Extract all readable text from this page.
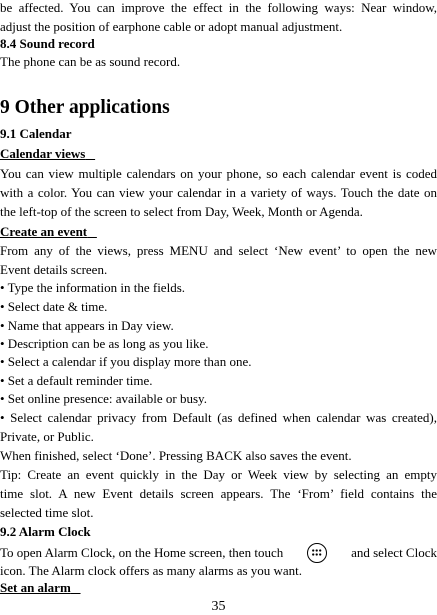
be affected. You can improve the effect in the following ways: Near window,
adjust the position of earphone cable or adopt manual adjustment.
8.4 Sound record
The phone can be as sound record.
9 Other applications
9.1 Calendar
Calendar views
You can view multiple calendars on your phone, so each calendar event is coded
with a color. You can view your calendar in a variety of ways. Touch the date on
the left-top of the screen to select from Day, Week, Month or Agenda.
Create an event
From any of the views, press MENU and select ‘New event’ to open the new
Event details screen.
• Type the information in the fields.
• Select date & time.
• Name that appears in Day view.
• Description can be as long as you like.
• Select a calendar if you display more than one.
• Set a default reminder time.
• Set online presence: available or busy.
• Select calendar privacy from Default (as defined when calendar was created),
Private, or Public.
When finished, select ‘Done’. Pressing BACK also saves the event.
Tip: Create an event quickly in the Day or Week view by selecting an empty
time slot. A new Event details screen appears. The ‘From’ field contains the
selected time slot.
9.2 Alarm Clock
To open Alarm Clock, on the Home screen, then touch	and select Clock
icon. The Alarm clock offers as many alarms as you want.
Set an alarm
35
